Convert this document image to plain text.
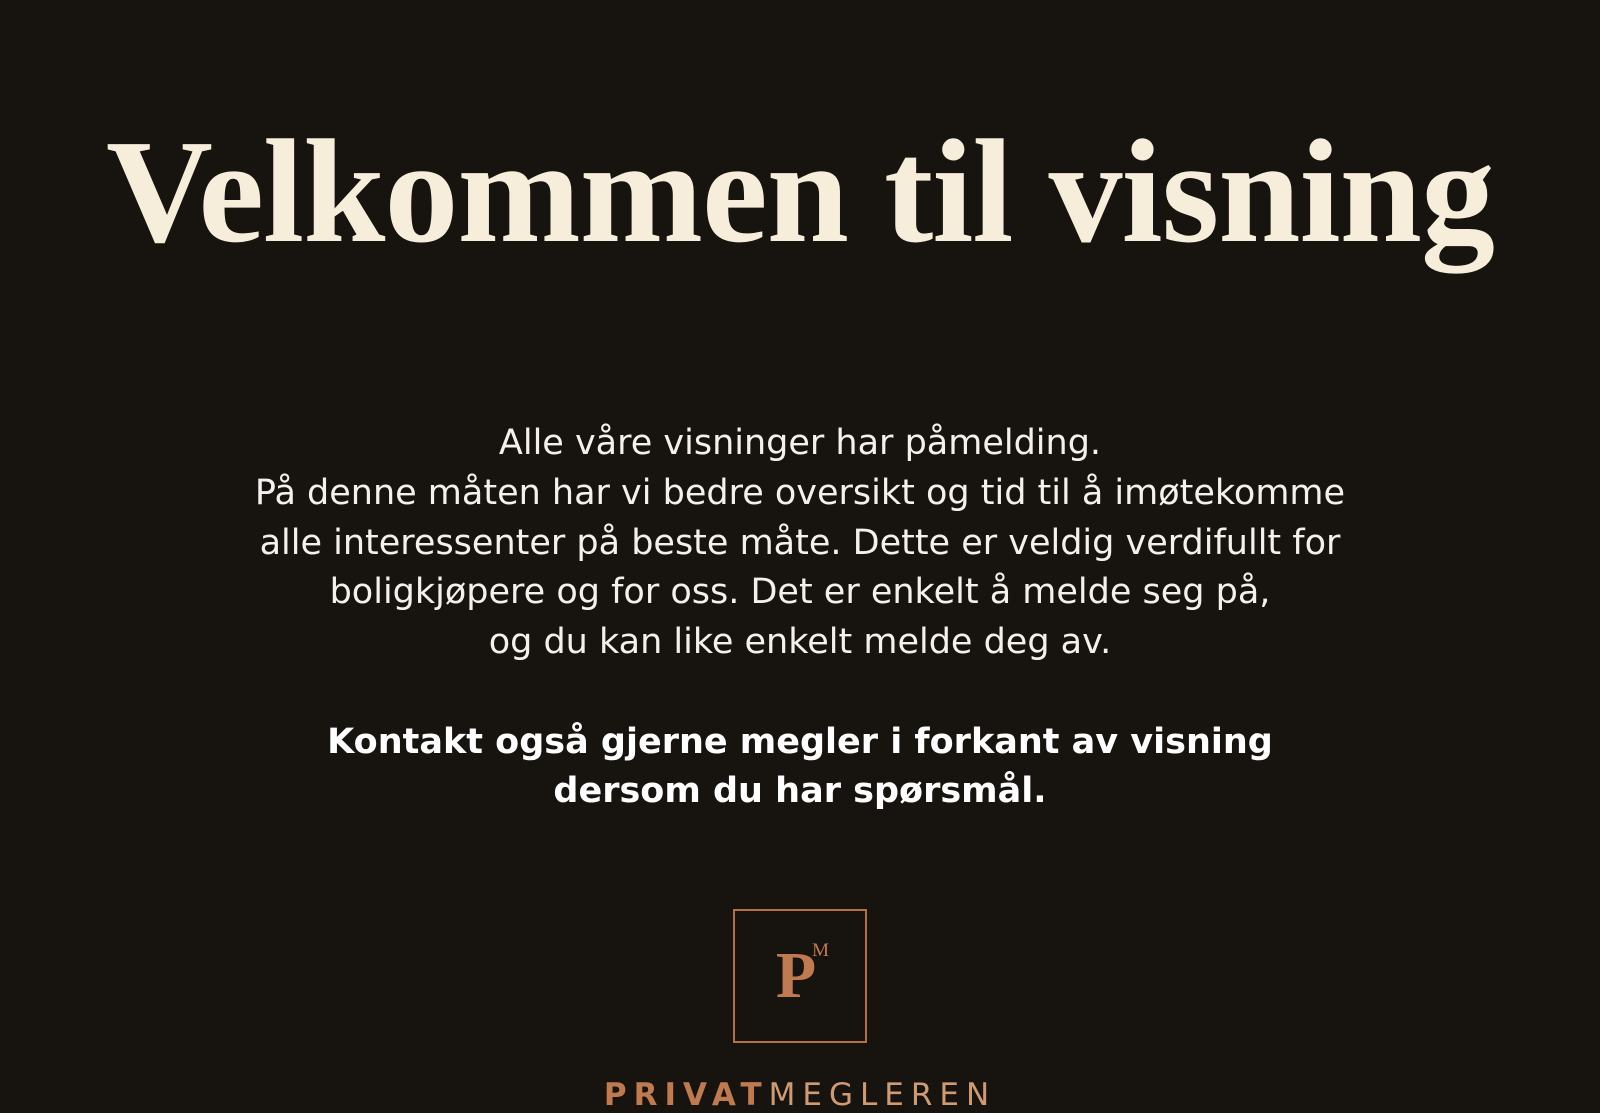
Velkommen til visning
Alle våre visninger har påmelding.
På denne måten har vi bedre oversikt og tid til å imøtekomme
alle interessenter på beste måte. Dette er veldig verdifullt for
boligkjøpere og for oss. Det er enkelt å melde seg på,
og du kan like enkelt melde deg av.
Kontakt også gjerne megler i forkant av visning
dersom du har spørsmål.
P
M
PRIVATMEGLEREN
